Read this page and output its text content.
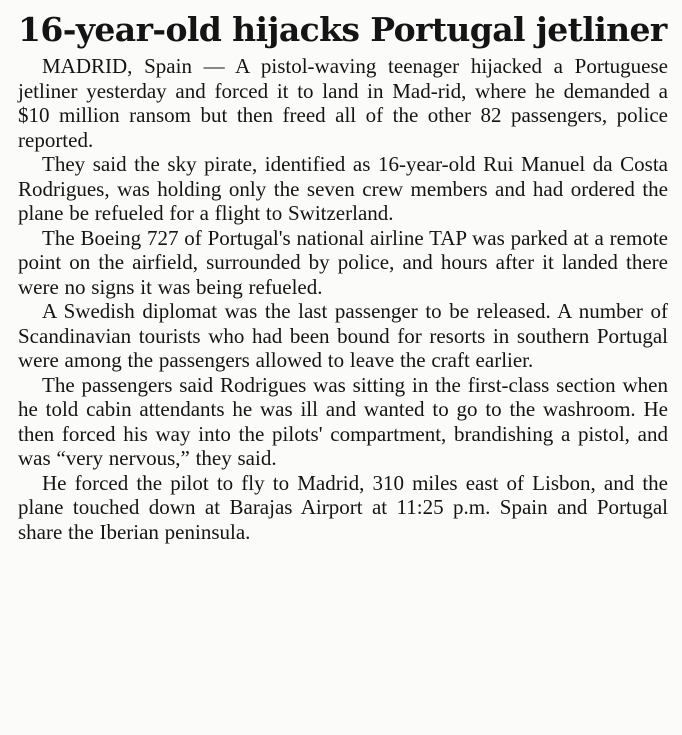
16-year-old hijacks Portugal jetliner

MADRID, Spain — A pistol-waving teenager hijacked a Portuguese jetliner yesterday and forced it to land in Mad-rid, where he demanded a $10 million ransom but then freed all of the other 82 passengers, police reported.

They said the sky pirate, identified as 16-year-old Rui Manuel da Costa Rodrigues, was holding only the seven crew members and had ordered the plane be refueled for a flight to Switzerland.

The Boeing 727 of Portugal's national airline TAP was parked at a remote point on the airfield, surrounded by police, and hours after it landed there were no signs it was being refueled.

A Swedish diplomat was the last passenger to be released. A number of Scandinavian tourists who had been bound for resorts in southern Portugal were among the passengers allowed to leave the craft earlier.

The passengers said Rodrigues was sitting in the first-class section when he told cabin attendants he was ill and wanted to go to the washroom. He then forced his way into the pilots' compartment, brandishing a pistol, and was “very nervous,” they said.

He forced the pilot to fly to Madrid, 310 miles east of Lisbon, and the plane touched down at Barajas Airport at 11:25 p.m. Spain and Portugal share the Iberian peninsula.
